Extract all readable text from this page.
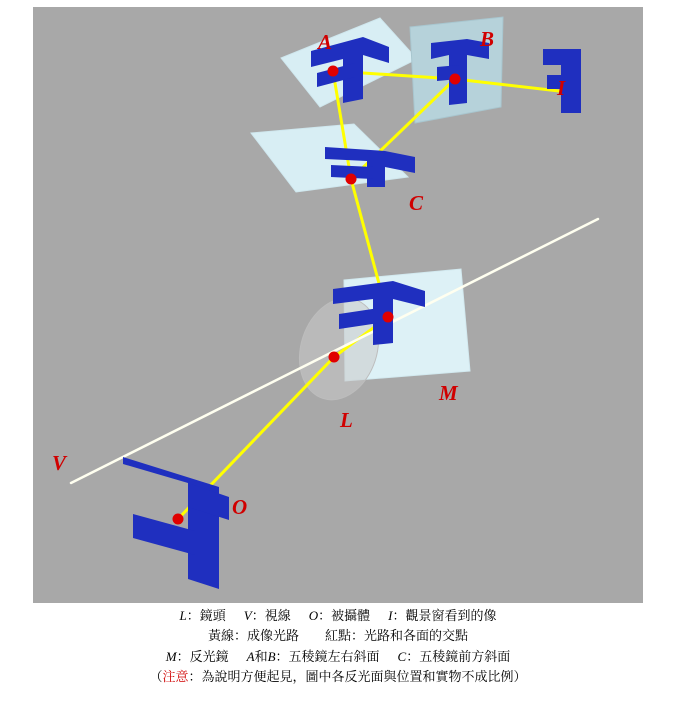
A	B
I
C
M
L
V
O
L：鏡頭 V：視線 O：被攝體 I：觀景窗看到的像
黃線：成像光路　　紅點：光路和各面的交點
M：反光鏡 A和B：五稜鏡左右斜面 C：五稜鏡前方斜面
（注意：為說明方便起見，圖中各反光面與位置和實物不成比例）
